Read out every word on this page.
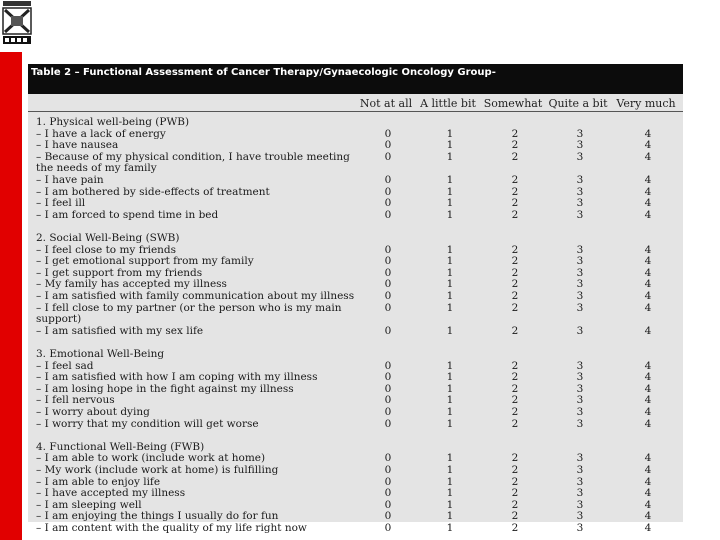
Table 2 – Functional Assessment of Cancer Therapy/Gynaecologic Oncology Group-
Not at all A little bit Somewhat Quite a bit Very much
1. Physical well-being (PWB)
– I have a lack of energy	0	1	2	3	4
– I have nausea	0	1	2	3	4
– Because of my physical condition, I have trouble meeting	0	1	2	3	4
the needs of my family
– I have pain	0	1	2	3	4
– I am bothered by side-effects of treatment	0	1	2	3	4
– I feel ill	0	1	2	3	4
– I am forced to spend time in bed	0	1	2	3	4
2. Social Well-Being (SWB)
– I feel close to my friends	0	1	2	3	4
– I get emotional support from my family	0	1	2	3	4
– I get support from my friends	0	1	2	3	4
– My family has accepted my illness	0	1	2	3	4
– I am satisfied with family communication about my illness	0	1	2	3	4
– I fell close to my partner (or the person who is my main	0	1	2	3	4
support)
– I am satisfied with my sex life	0	1	2	3	4
3. Emotional Well-Being
– I feel sad	0	1	2	3	4
– I am satisfied with how I am coping with my illness	0	1	2	3	4
– I am losing hope in the fight against my illness	0	1	2	3	4
– I fell nervous	0	1	2	3	4
– I worry about dying	0	1	2	3	4
– I worry that my condition will get worse	0	1	2	3	4
4. Functional Well-Being (FWB)
– I am able to work (include work at home)	0	1	2	3	4
– My work (include work at home) is fulfilling	0	1	2	3	4
– I am able to enjoy life	0	1	2	3	4
– I have accepted my illness	0	1	2	3	4
– I am sleeping well	0	1	2	3	4
– I am enjoying the things I usually do for fun	0	1	2	3	4
– I am content with the quality of my life right now	0	1	2	3	4
